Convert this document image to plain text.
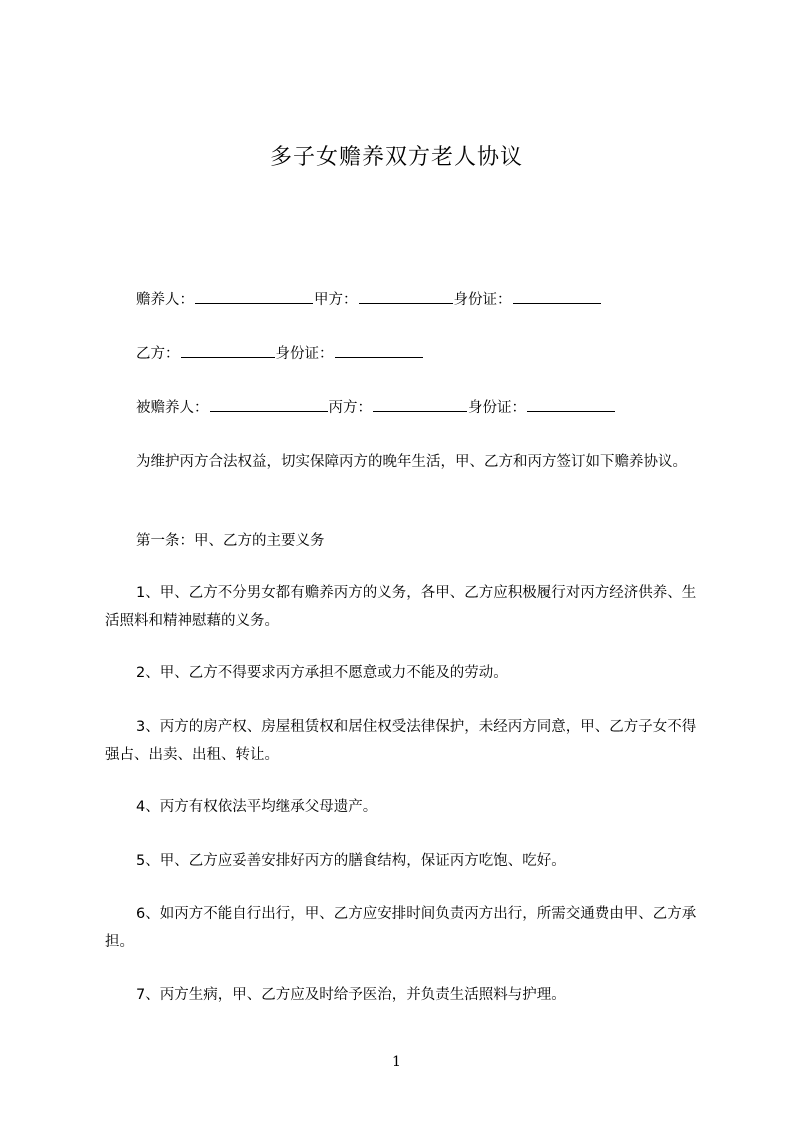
多子女赡养双方老人协议
赡养人：	甲方：	身份证：
乙方：	身份证：
被赡养人：	丙方：	身份证：
为维护丙方合法权益，切实保障丙方的晚年生活，甲、乙方和丙方签订如下赡养协议。
第一条：甲、乙方的主要义务
1、甲、乙方不分男女都有赡养丙方的义务，各甲、乙方应积极履行对丙方经济供养、生活照料和精神慰藉的义务。
2、甲、乙方不得要求丙方承担不愿意或力不能及的劳动。
3、丙方的房产权、房屋租赁权和居住权受法律保护，未经丙方同意，甲、乙方子女不得强占、出卖、出租、转让。
4、丙方有权依法平均继承父母遗产。
5、甲、乙方应妥善安排好丙方的膳食结构，保证丙方吃饱、吃好。
6、如丙方不能自行出行，甲、乙方应安排时间负责丙方出行，所需交通费由甲、乙方承担。
7、丙方生病，甲、乙方应及时给予医治，并负责生活照料与护理。
1
